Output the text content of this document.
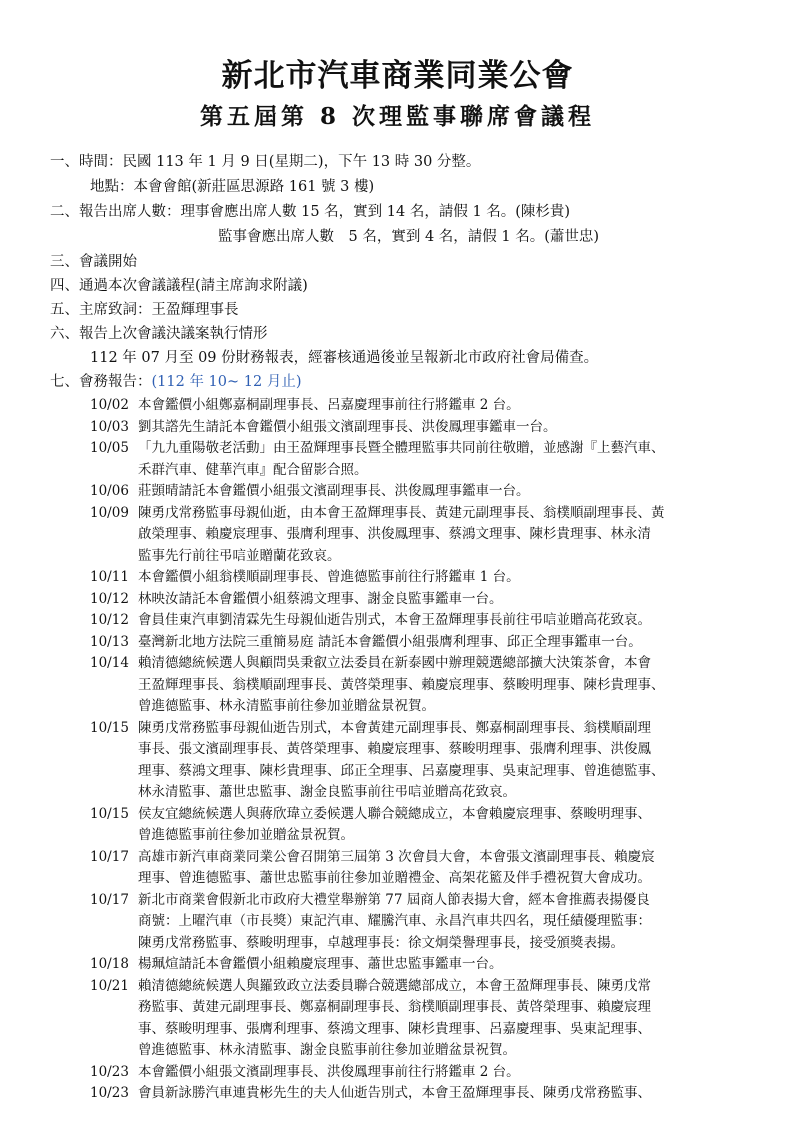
新北市汽車商業同業公會
第五屆第 8 次理監事聯席會議程
一、時間：民國 113 年 1 月 9 日(星期二)，下午 13 時 30 分整。
地點：本會會館(新莊區思源路 161 號 3 樓)
二、報告出席人數：理事會應出席人數 15 名，實到 14 名，請假 1 名。(陳杉貴)
監事會應出席人數　5 名，實到 4 名，請假 1 名。(蕭世忠)
三、會議開始
四、通過本次會議議程(請主席詢求附議)
五、主席致詞：王盈輝理事長
六、報告上次會議決議案執行情形
112 年 07 月至 09 份財務報表，經審核通過後並呈報新北市政府社會局備查。
七、會務報告：(112 年 10~ 12 月止)
10/02 本會鑑價小組鄭嘉桐副理事長、呂嘉慶理事前往行將鑑車 2 台。
10/03 劉其譗先生請託本會鑑價小組張文濱副理事長、洪俊鳳理事鑑車一台。
10/05 「九九重陽敬老活動」由王盈輝理事長暨全體理監事共同前往敬贈，並感謝『上藝汽車、
禾群汽車、健華汽車』配合留影合照。
10/06 莊顗晴請託本會鑑價小組張文濱副理事長、洪俊鳳理事鑑車一台。
10/09 陳勇戊常務監事母親仙逝，由本會王盈輝理事長、黃建元副理事長、翁樸順副理事長、黃
啟榮理事、賴慶宸理事、張膺利理事、洪俊鳳理事、蔡鴻文理事、陳杉貴理事、林永清
監事先行前往弔唁並贈蘭花致哀。
10/11 本會鑑價小組翁樸順副理事長、曾進德監事前往行將鑑車 1 台。
10/12 林映汝請託本會鑑價小組蔡鴻文理事、謝金良監事鑑車一台。
10/12 會員佳東汽車劉清霖先生母親仙逝告別式，本會王盈輝理事長前往弔唁並贈高花致哀。
10/13 臺灣新北地方法院三重簡易庭 請託本會鑑價小組張膺利理事、邱正全理事鑑車一台。
10/14 賴清德總統候選人與顧問吳秉叡立法委員在新泰國中辦理競選總部擴大決策茶會，本會
王盈輝理事長、翁樸順副理事長、黃啓榮理事、賴慶宸理事、蔡畯明理事、陳杉貴理事、
曾進德監事、林永清監事前往參加並贈盆景祝賀。
10/15 陳勇戊常務監事母親仙逝告別式，本會黃建元副理事長、鄭嘉桐副理事長、翁樸順副理
事長、張文濱副理事長、黃啓榮理事、賴慶宸理事、蔡畯明理事、張膺利理事、洪俊鳳
理事、蔡鴻文理事、陳杉貴理事、邱正全理事、呂嘉慶理事、吳東記理事、曾進德監事、
林永清監事、蕭世忠監事、謝金良監事前往弔唁並贈高花致哀。
10/15 侯友宜總統候選人與蔣欣瑋立委候選人聯合競總成立，本會賴慶宸理事、蔡畯明理事、
曾進德監事前往參加並贈盆景祝賀。
10/17 高雄市新汽車商業同業公會召開第三屆第 3 次會員大會，本會張文濱副理事長、賴慶宸
理事、曾進德監事、蕭世忠監事前往參加並贈禮金、高架花籃及伴手禮祝賀大會成功。
10/17 新北市商業會假新北市政府大禮堂舉辦第 77 屆商人節表揚大會，經本會推薦表揚優良
商號：上曜汽車（市長獎）東記汽車、耀騰汽車、永昌汽車共四名，現任績優理監事：
陳勇戊常務監事、蔡畯明理事，卓越理事長：徐文炯榮譽理事長，接受頒獎表揚。
10/18 楊珮煊請託本會鑑價小組賴慶宸理事、蕭世忠監事鑑車一台。
10/21 賴清德總統候選人與羅致政立法委員聯合競選總部成立，本會王盈輝理事長、陳勇戊常
務監事、黃建元副理事長、鄭嘉桐副理事長、翁樸順副理事長、黃啓榮理事、賴慶宸理
事、蔡畯明理事、張膺利理事、蔡鴻文理事、陳杉貴理事、呂嘉慶理事、吳東記理事、
曾進德監事、林永清監事、謝金良監事前往參加並贈盆景祝賀。
10/23 本會鑑價小組張文濱副理事長、洪俊鳳理事前往行將鑑車 2 台。
10/23 會員新詠勝汽車連貴彬先生的夫人仙逝告別式，本會王盈輝理事長、陳勇戊常務監事、
